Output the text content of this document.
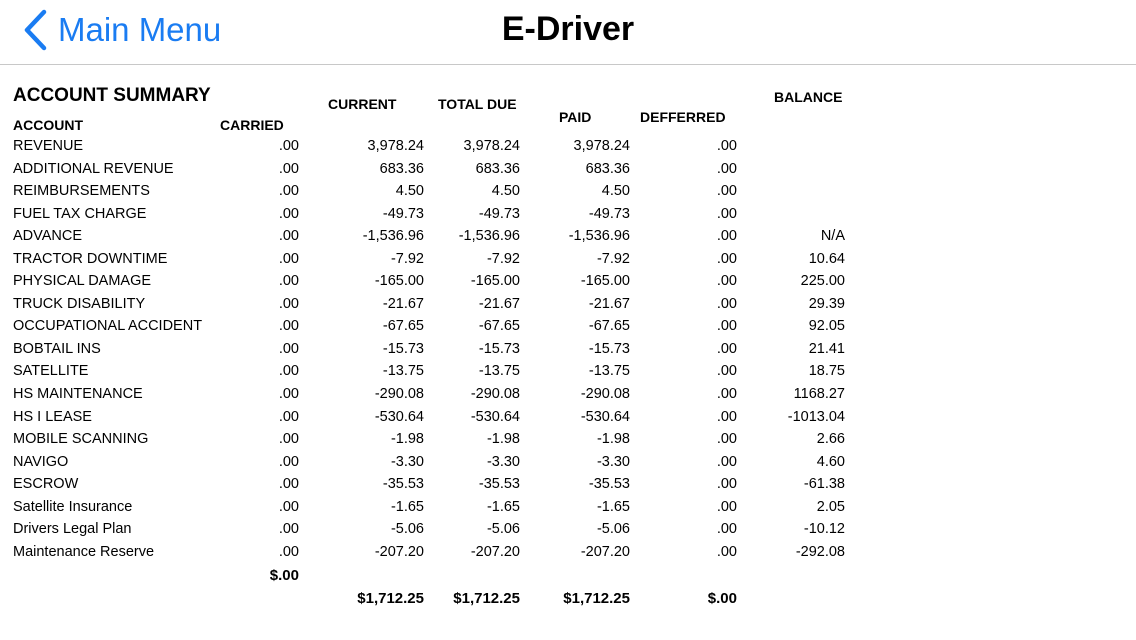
Main Menu	E-Driver
ACCOUNT SUMMARY
ACCOUNT	CARRIED
CURRENT	TOTAL DUE
PAID	DEFFERRED
BALANCE
REVENUE	.00	3,978.24	3,978.24	3,978.24	.00
ADDITIONAL REVENUE	.00	683.36	683.36	683.36	.00
REIMBURSEMENTS	.00	4.50	4.50	4.50	.00
FUEL TAX CHARGE	.00	-49.73	-49.73	-49.73	.00
ADVANCE	.00	-1,536.96 -1,536.96	-1,536.96	.00	N/A
TRACTOR DOWNTIME	.00	-7.92	-7.92	-7.92	.00	10.64
PHYSICAL DAMAGE	.00	-165.00	-165.00	-165.00	.00	225.00
TRUCK DISABILITY	.00	-21.67	-21.67	-21.67	.00	29.39
OCCUPATIONAL ACCIDENT	.00	-67.65	-67.65	-67.65	.00	92.05
BOBTAIL INS	.00	-15.73	-15.73	-15.73	.00	21.41
SATELLITE	.00	-13.75	-13.75	-13.75	.00	18.75
HS MAINTENANCE	.00	-290.08	-290.08	-290.08	.00	1168.27
HS I LEASE	.00	-530.64	-530.64	-530.64	.00	-1013.04
MOBILE SCANNING	.00	-1.98	-1.98	-1.98	.00	2.66
NAVIGO	.00	-3.30	-3.30	-3.30	.00	4.60
ESCROW	.00	-35.53	-35.53	-35.53	.00	-61.38
Satellite Insurance	.00	-1.65	-1.65	-1.65	.00	2.05
Drivers Legal Plan	.00	-5.06	-5.06	-5.06	.00	-10.12
Maintenance Reserve	.00	-207.20	-207.20	-207.20	.00	-292.08
$.00
$1,712.25 $1,712.25	$1,712.25	$.00
